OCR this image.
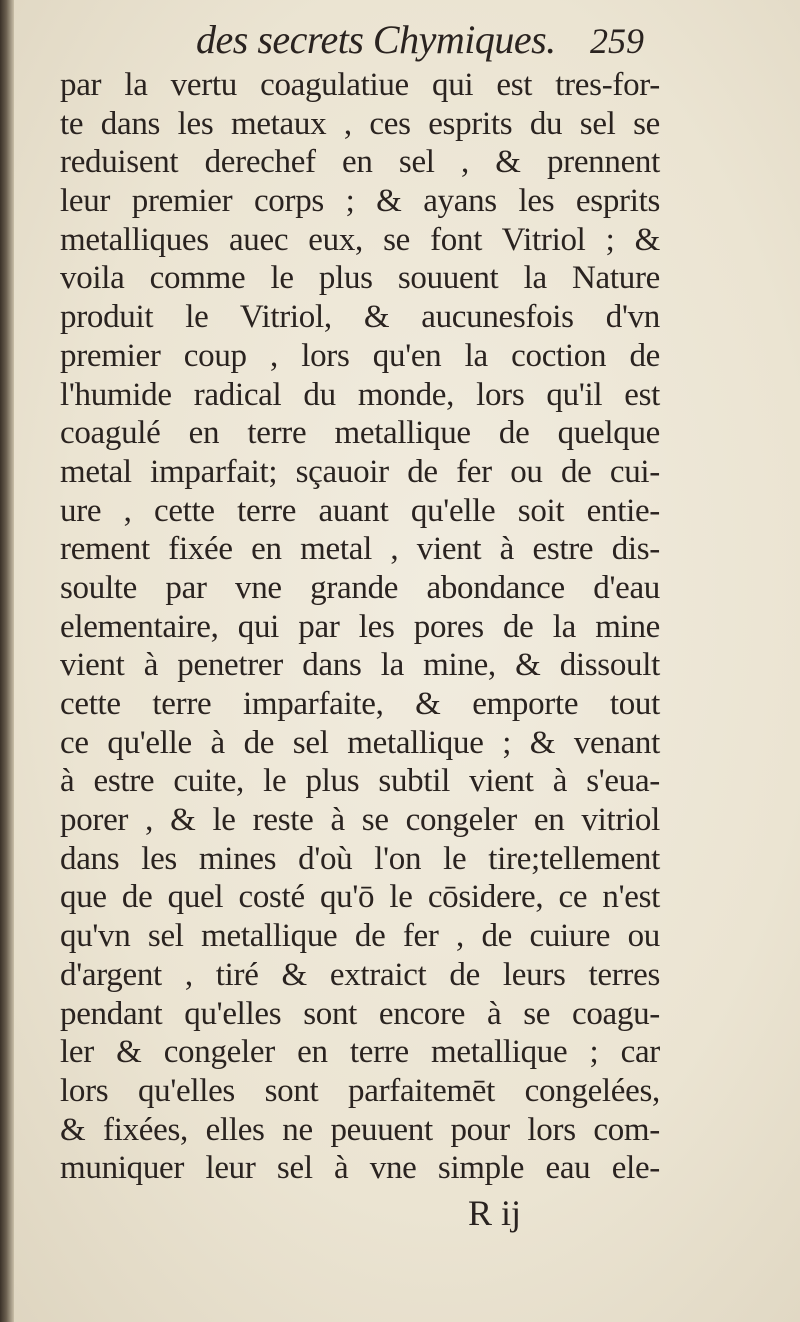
des secrets Chymiques. 259
par la vertu coagulatiue qui est tres-for-
te dans les metaux , ces esprits du sel se
reduisent derechef en sel , & prennent
leur premier corps ; & ayans les esprits
metalliques auec eux, se font Vitriol ; &
voila comme le plus souuent la Nature
produit le Vitriol, & aucunesfois d'vn
premier coup , lors qu'en la coction de
l'humide radical du monde, lors qu'il est
coagulé en terre metallique de quelque
metal imparfait; sçauoir de fer ou de cui-
ure , cette terre auant qu'elle soit entie-
rement fixée en metal , vient à estre dis-
soulte par vne grande abondance d'eau
elementaire, qui par les pores de la mine
vient à penetrer dans la mine, & dissoult
cette terre imparfaite, & emporte tout
ce qu'elle à de sel metallique ; & venant
à estre cuite, le plus subtil vient à s'eua-
porer , & le reste à se congeler en vitriol
dans les mines d'où l'on le tire;tellement
que de quel costé qu'ō le cōsidere, ce n'est
qu'vn sel metallique de fer , de cuiure ou
d'argent , tiré & extraict de leurs terres
pendant qu'elles sont encore à se coagu-
ler & congeler en terre metallique ; car
lors qu'elles sont parfaitemēt congelées,
& fixées, elles ne peuuent pour lors com-
muniquer leur sel à vne simple eau ele-
R ij
